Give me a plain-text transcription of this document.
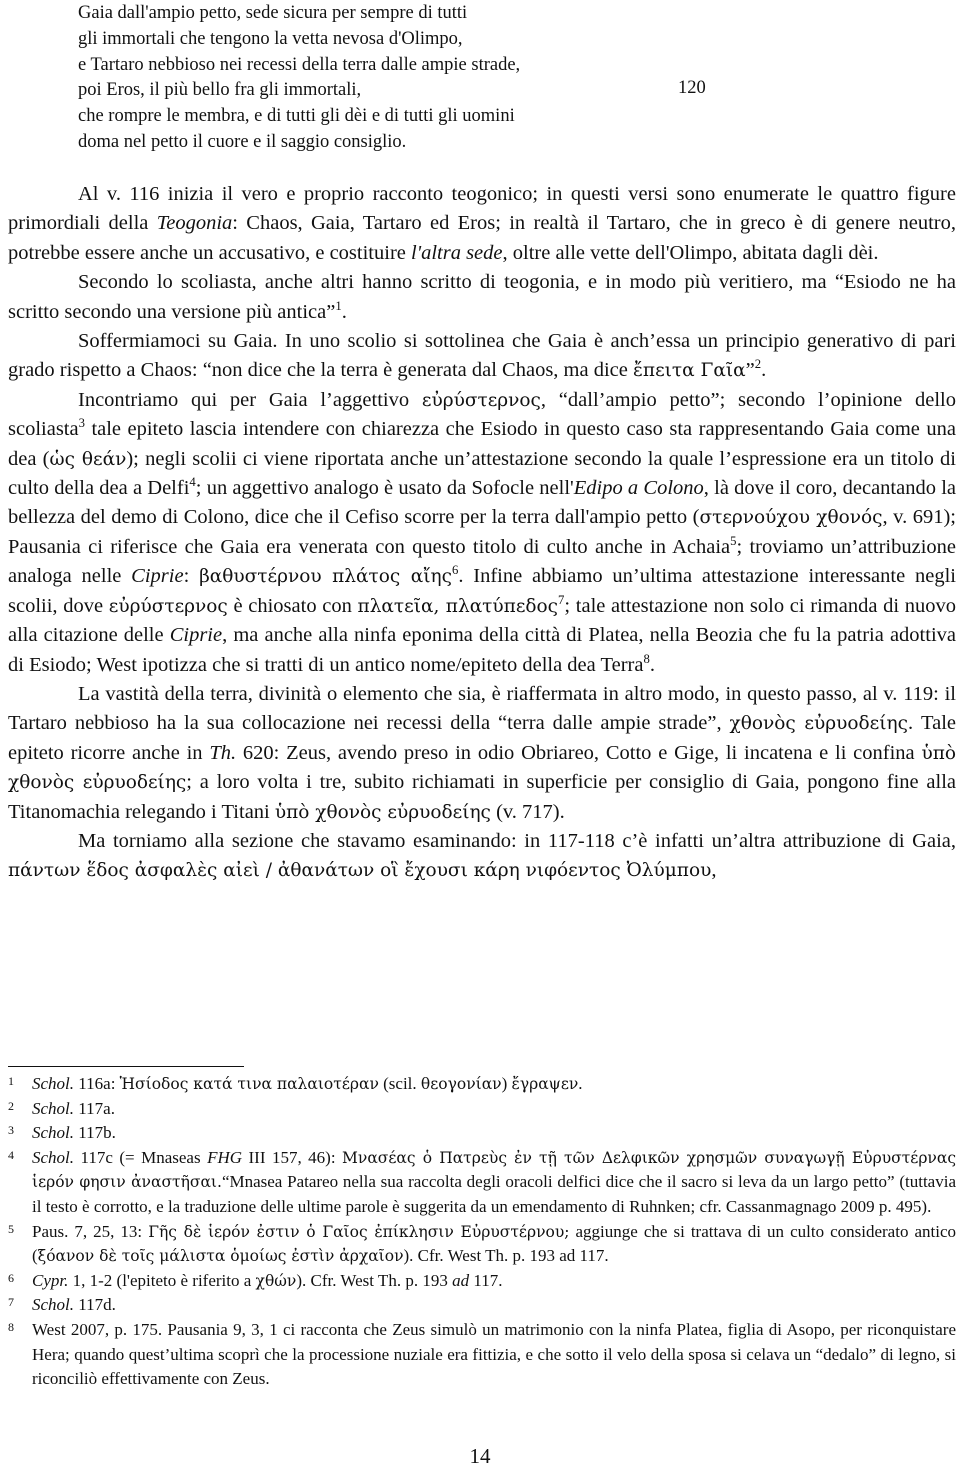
Gaia dall'ampio petto, sede sicura per sempre di tutti
gli immortali che tengono la vetta nevosa d'Olimpo,
e Tartaro nebbioso nei recessi della terra dalle ampie strade,
poi Eros, il più bello fra gli immortali,
che rompre le membra, e di tutti gli dèi e di tutti gli uomini
doma nel petto il cuore e il saggio consiglio.
120

Al v. 116 inizia il vero e proprio racconto teogonico; in questi versi sono enumerate le quattro figure primordiali della Teogonia: Chaos, Gaia, Tartaro ed Eros; in realtà il Tartaro, che in greco è di genere neutro, potrebbe essere anche un accusativo, e costituire l'altra sede, oltre alle vette dell'Olimpo, abitata dagli dèi.

Secondo lo scoliasta, anche altri hanno scritto di teogonia, e in modo più veritiero, ma “Esiodo ne ha scritto secondo una versione più antica”$^1$.

Soffermiamoci su Gaia. In uno scolio si sottolinea che Gaia è anch’essa un principio generativo di pari grado rispetto a Chaos: “non dice che la terra è generata dal Chaos, ma dice ἔπειτα Γαῖα”$^2$.

Incontriamo qui per Gaia l’aggettivo εὐρύστερνος, “dall’ampio petto”; secondo l’opinione dello scoliasta$^3$ tale epiteto lascia intendere con chiarezza che Esiodo in questo caso sta rappresentando Gaia come una dea (ὡς θεάν); negli scolii ci viene riportata anche un’attestazione secondo la quale l’espressione era un titolo di culto della dea a Delfi$^4$; un aggettivo analogo è usato da Sofocle nell'Edipo a Colono, là dove il coro, decantando la bellezza del demo di Colono, dice che il Cefiso scorre per la terra dall'ampio petto (στερνούχου χθονός, v. 691); Pausania ci riferisce che Gaia era venerata con questo titolo di culto anche in Achaia$^5$; troviamo un’attribuzione analoga nelle Ciprie: βαθυστέρνου πλάτος αἴης$^6$. Infine abbiamo un’ultima attestazione interessante negli scolii, dove εὐρύστερνος è chiosato con πλατεῖα, πλατύπεδος$^7$; tale attestazione non solo ci rimanda di nuovo alla citazione delle Ciprie, ma anche alla ninfa eponima della città di Platea, nella Beozia che fu la patria adottiva di Esiodo; West ipotizza che si tratti di un antico nome/epiteto della dea Terra$^8$.

La vastità della terra, divinità o elemento che sia, è riaffermata in altro modo, in questo passo, al v. 119: il Tartaro nebbioso ha la sua collocazione nei recessi della “terra dalle ampie strade”, χθονὸς εὐρυοδείης. Tale epiteto ricorre anche in Th. 620: Zeus, avendo preso in odio Obriareo, Cotto e Gige, li incatena e li confina ὑπὸ χθονὸς εὐρυοδείης; a loro volta i tre, subito richiamati in superficie per consiglio di Gaia, pongono fine alla Titanomachia relegando i Titani ὑπὸ χθονὸς εὐρυοδείης (v. 717).

Ma torniamo alla sezione che stavamo esaminando: in 117-118 c’è infatti un’altra attribuzione di Gaia, πάντων ἕδος ἀσφαλὲς αἰεὶ / ἀθανάτων οἳ ἔχουσι κάρη νιφόεντος Ὀλύμπου,

1 Schol. 116a: Ἡσίοδος κατά τινα παλαιοτέραν (scil. θεογονίαν) ἔγραψεν.
2 Schol. 117a.
3 Schol. 117b.
4 Schol. 117c (= Mnaseas FHG III 157, 46): Μνασέας ὁ Πατρεὺς ἐν τῇ τῶν Δελφικῶν χρησμῶν συναγωγῇ Εὐρυστέρνας ἱερόν φησιν ἀναστῆσαι.“Mnasea Patareo nella sua raccolta degli oracoli delfici dice che il sacro si leva da un largo petto” (tuttavia il testo è corrotto, e la traduzione delle ultime parole è suggerita da un emendamento di Ruhnken; cfr. Cassanmagnago 2009 p. 495).
5 Paus. 7, 25, 13: Γῆς δὲ ἱερόν ἐστιν ὁ Γαῖος ἐπίκλησιν Εὐρυστέρνου; aggiunge che si trattava di un culto considerato antico (ξόανον δὲ τοῖς μάλιστα ὁμοίως ἐστὶν ἀρχαῖον). Cfr. West Th. p. 193 ad 117.
6 Cypr. 1, 1-2 (l'epiteto è riferito a χθών). Cfr. West Th. p. 193 ad 117.
7 Schol. 117d.
8 West 2007, p. 175. Pausania 9, 3, 1 ci racconta che Zeus simulò un matrimonio con la ninfa Platea, figlia di Asopo, per riconquistare Hera; quando quest’ultima scoprì che la processione nuziale era fittizia, e che sotto il velo della sposa si celava un “dedalo” di legno, si riconciliò effettivamente con Zeus.
14
